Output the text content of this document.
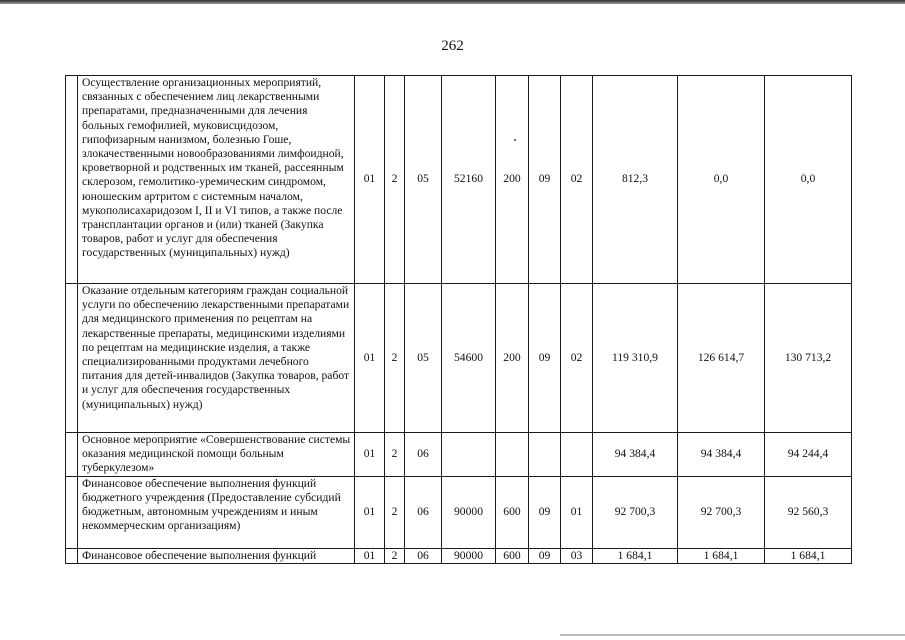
262
	Осуществление организационных мероприятий, связанных с обеспечением лиц лекарственными препаратами, предназначенными для лечения больных гемофилией, муковисцидозом, гипофизарным нанизмом, болезнью Гоше, злокачественными новообразованиями лимфоидной, кроветворной и родственных им тканей, рассеянным склерозом, гемолитико-уремическим синдромом, юношеским артритом с системным началом, мукополисахаридозом I, II и VI типов, а также после трансплантации органов и (или) тканей (Закупка товаров, работ и услуг для обеспечения государственных (муниципальных) нужд)	01	2	05	52160	200	09	02	812,3	0,0	0,0
	Оказание отдельным категориям граждан социальной услуги по обеспечению лекарственными препаратами для медицинского применения по рецептам на лекарственные препараты, медицинскими изделиями по рецептам на медицинские изделия, а также специализированными продуктами лечебного питания для детей-инвалидов (Закупка товаров, работ и услуг для обеспечения государственных (муниципальных) нужд)	01	2	05	54600	200	09	02	119 310,9	126 614,7	130 713,2
	Основное мероприятие «Совершенствование системы оказания медицинской помощи больным туберкулезом»	01	2	06					94 384,4	94 384,4	94 244,4
	Финансовое обеспечение выполнения функций бюджетного учреждения (Предоставление субсидий бюджетным, автономным учреждениям и иным некоммерческим организациям)	01	2	06	90000	600	09	01	92 700,3	92 700,3	92 560,3
	Финансовое обеспечение выполнения функций	01	2	06	90000	600	09	03	1 684,1	1 684,1	1 684,1
